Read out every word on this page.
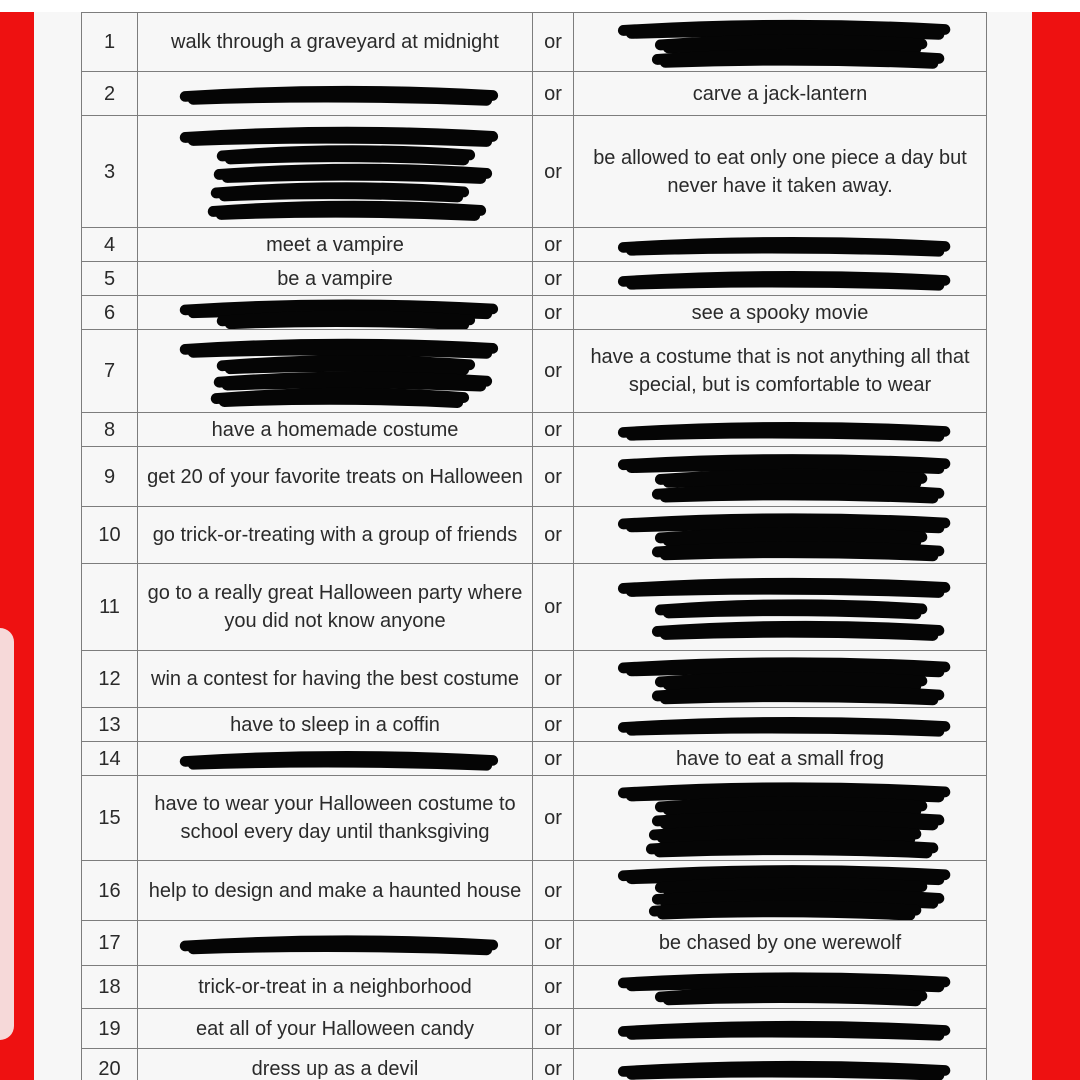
1	walk through a graveyard at midnight	or

2		or	carve a jack-lantern

3		or	be allowed to eat only one piece a day but never have it taken away.

4	meet a vampire	or

5	be a vampire	or

6		or	see a spooky movie

7		or	have a costume that is not anything all that special, but is comfortable to wear

8	have a homemade costume	or

9	get 20 of your favorite treats on Halloween	or

10	go trick-or-treating with a group of friends	or

11	go to a really great Halloween party where you did not know anyone	or

12	win a contest for having the best costume	or

13	have to sleep in a coffin	or

14		or	have to eat a small frog

15	have to wear your Halloween costume to school every day until thanksgiving	or

16	help to design and make a haunted house	or

17		or	be chased by one werewolf

18	trick-or-treat in a neighborhood	or

19	eat all of your Halloween candy	or

20	dress up as a devil	or
